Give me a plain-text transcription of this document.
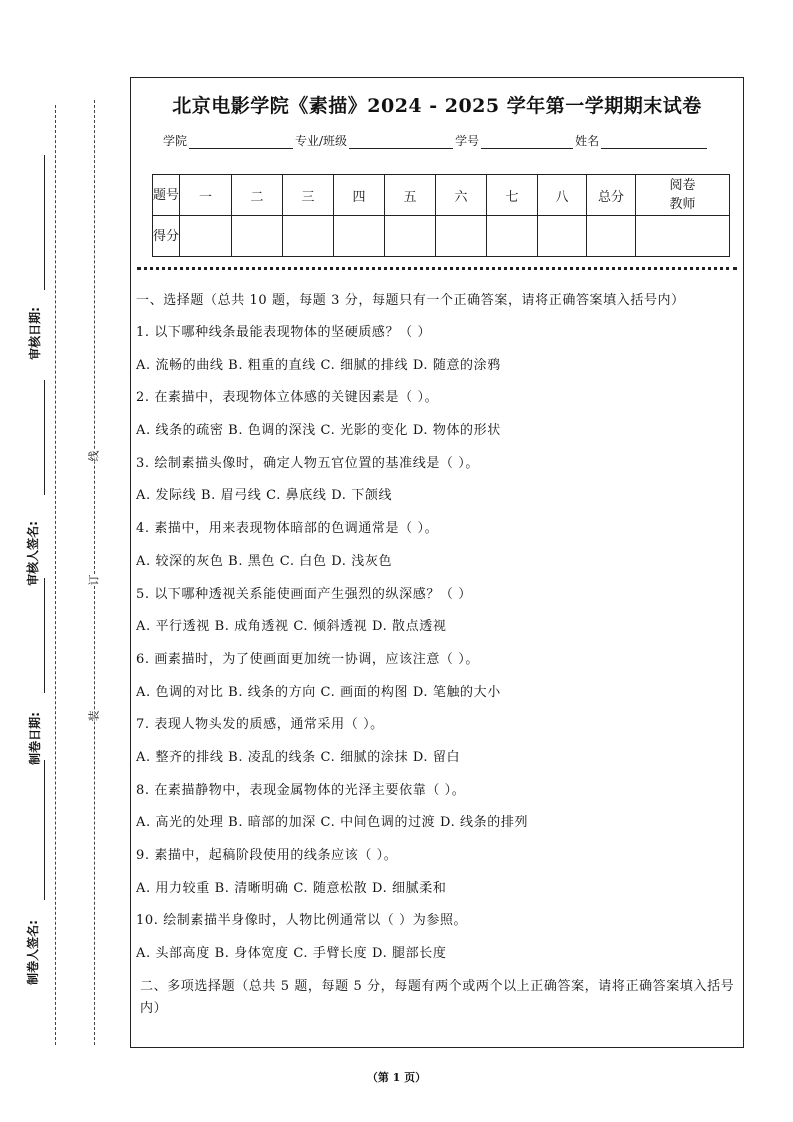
审核日期:
审核人签名:
制卷日期:
制卷人签名:
线
订
装
北京电影学院《素描》2024 - 2025 学年第一学期期末试卷
学院	专业/班级	学号	姓名
题号	一	二	三	四	五	六	七	八	总分	阅卷教师
得分										

一、选择题（总共 10 题，每题 3 分，每题只有一个正确答案，请将正确答案填入括号内）

1. 以下哪种线条最能表现物体的坚硬质感？（ ）

A. 流畅的曲线 B. 粗重的直线 C. 细腻的排线 D. 随意的涂鸦

2. 在素描中，表现物体立体感的关键因素是（ ）。

A. 线条的疏密 B. 色调的深浅 C. 光影的变化 D. 物体的形状

3. 绘制素描头像时，确定人物五官位置的基准线是（ ）。

A. 发际线 B. 眉弓线 C. 鼻底线 D. 下颌线

4. 素描中，用来表现物体暗部的色调通常是（ ）。

A. 较深的灰色 B. 黑色 C. 白色 D. 浅灰色

5. 以下哪种透视关系能使画面产生强烈的纵深感？（ ）

A. 平行透视 B. 成角透视 C. 倾斜透视 D. 散点透视

6. 画素描时，为了使画面更加统一协调，应该注意（ ）。

A. 色调的对比 B. 线条的方向 C. 画面的构图 D. 笔触的大小

7. 表现人物头发的质感，通常采用（ ）。

A. 整齐的排线 B. 凌乱的线条 C. 细腻的涂抹 D. 留白

8. 在素描静物中，表现金属物体的光泽主要依靠（ ）。

A. 高光的处理 B. 暗部的加深 C. 中间色调的过渡 D. 线条的排列

9. 素描中，起稿阶段使用的线条应该（ ）。

A. 用力较重 B. 清晰明确 C. 随意松散 D. 细腻柔和

10. 绘制素描半身像时，人物比例通常以（ ）为参照。

A. 头部高度 B. 身体宽度 C. 手臂长度 D. 腿部长度

二、多项选择题（总共 5 题，每题 5 分，每题有两个或两个以上正确答案，请将正确答案填入括号内）

（第 1 页）
